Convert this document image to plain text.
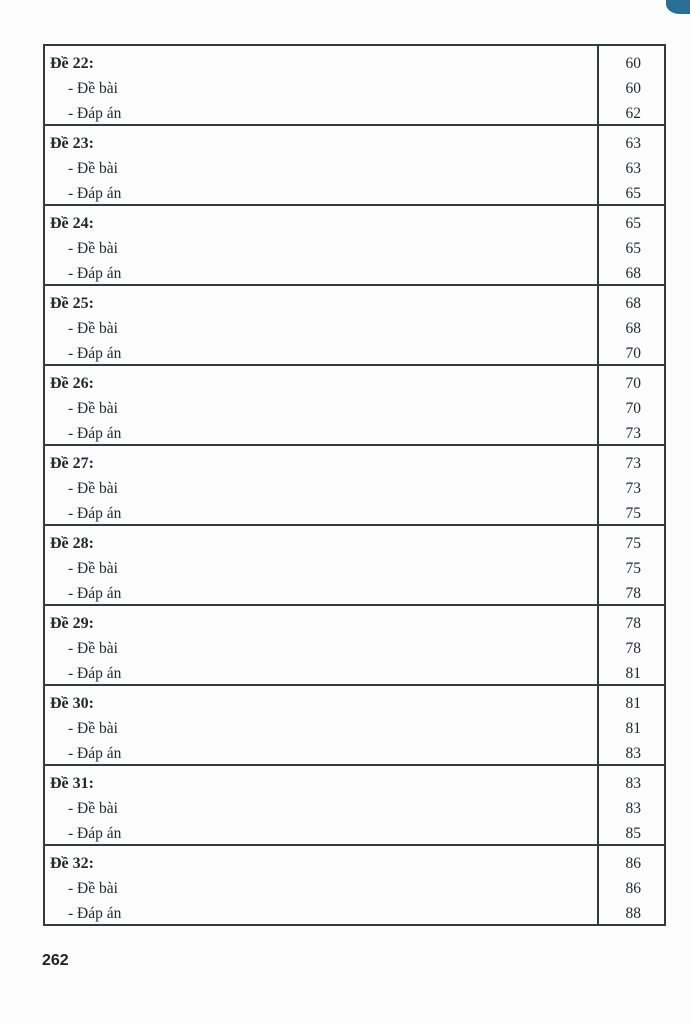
Đề 22:
- Đề bài
- Đáp án
60
60
62
Đề 23:
- Đề bài
- Đáp án
63
63
65
Đề 24:
- Đề bài
- Đáp án
65
65
68
Đề 25:
- Đề bài
- Đáp án
68
68
70
Đề 26:
- Đề bài
- Đáp án
70
70
73
Đề 27:
- Đề bài
- Đáp án
73
73
75
Đề 28:
- Đề bài
- Đáp án
75
75
78
Đề 29:
- Đề bài
- Đáp án
78
78
81
Đề 30:
- Đề bài
- Đáp án
81
81
83
Đề 31:
- Đề bài
- Đáp án
83
83
85
Đề 32:
- Đề bài
- Đáp án
86
86
88
262
